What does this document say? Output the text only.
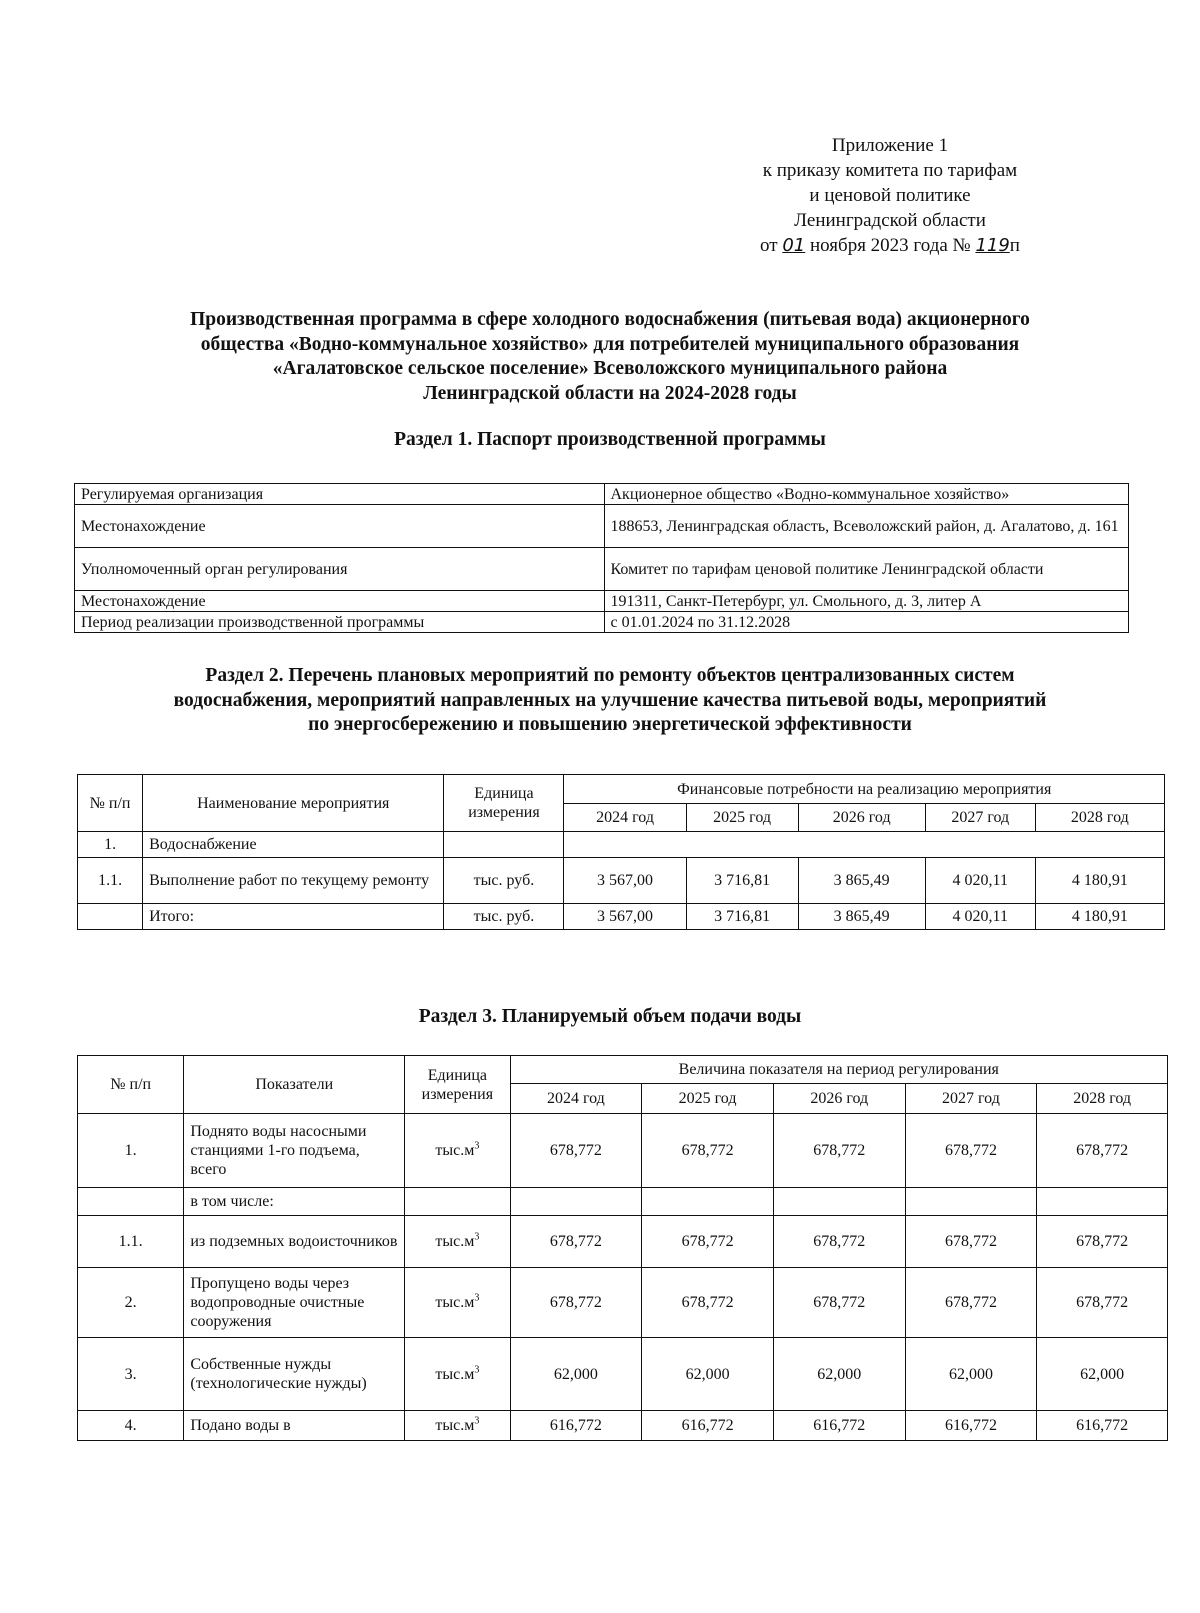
Приложение 1
к приказу комитета по тарифам
и ценовой политике
Ленинградской области
от 01 ноября 2023 года № 119п
Производственная программа в сфере холодного водоснабжения (питьевая вода) акционерного
общества «Водно-коммунальное хозяйство» для потребителей муниципального образования
«Агалатовское сельское поселение» Всеволожского муниципального района
Ленинградской области на 2024-2028 годы
Раздел 1. Паспорт производственной программы
Регулируемая организация	Акционерное общество «Водно-коммунальное хозяйство»
Местонахождение	188653, Ленинградская область, Всеволожский район, д. Агалатово, д. 161
Уполномоченный орган регулирования	Комитет по тарифам ценовой политике Ленинградской области
Местонахождение	191311, Санкт-Петербург, ул. Смольного, д. 3, литер А
Период реализации производственной программы	с 01.01.2024 по 31.12.2028
Раздел 2. Перечень плановых мероприятий по ремонту объектов централизованных систем
водоснабжения, мероприятий направленных на улучшение качества питьевой воды, мероприятий
по энергосбережению и повышению энергетической эффективности
№ п/п	Наименование мероприятия	Единица измерения	Финансовые потребности на реализацию мероприятия				
			2024 год	2025 год	2026 год	2027 год	2028 год
1.	Водоснабжение						
1.1.	Выполнение работ по текущему ремонту	тыс. руб.	3 567,00	3 716,81	3 865,49	4 020,11	4 180,91
	Итого:	тыс. руб.	3 567,00	3 716,81	3 865,49	4 020,11	4 180,91
Раздел 3. Планируемый объем подачи воды
№ п/п	Показатели	Единица измерения	Величина показателя на период регулирования				
			2024 год	2025 год	2026 год	2027 год	2028 год
1.	Поднято воды насосными станциями 1-го подъема, всего	$тыс.м^3$	678,772	678,772	678,772	678,772	678,772
	в том числе:						
1.1.	из подземных водоисточников	$тыс.м^3$	678,772	678,772	678,772	678,772	678,772
2.	Пропущено воды через водопроводные очистные сооружения	$тыс.м^3$	678,772	678,772	678,772	678,772	678,772
3.	Собственные нужды (технологические нужды)	$тыс.м^3$	62,000	62,000	62,000	62,000	62,000
4.	Подано воды в	$тыс.м^3$	616,772	616,772	616,772	616,772	616,772
